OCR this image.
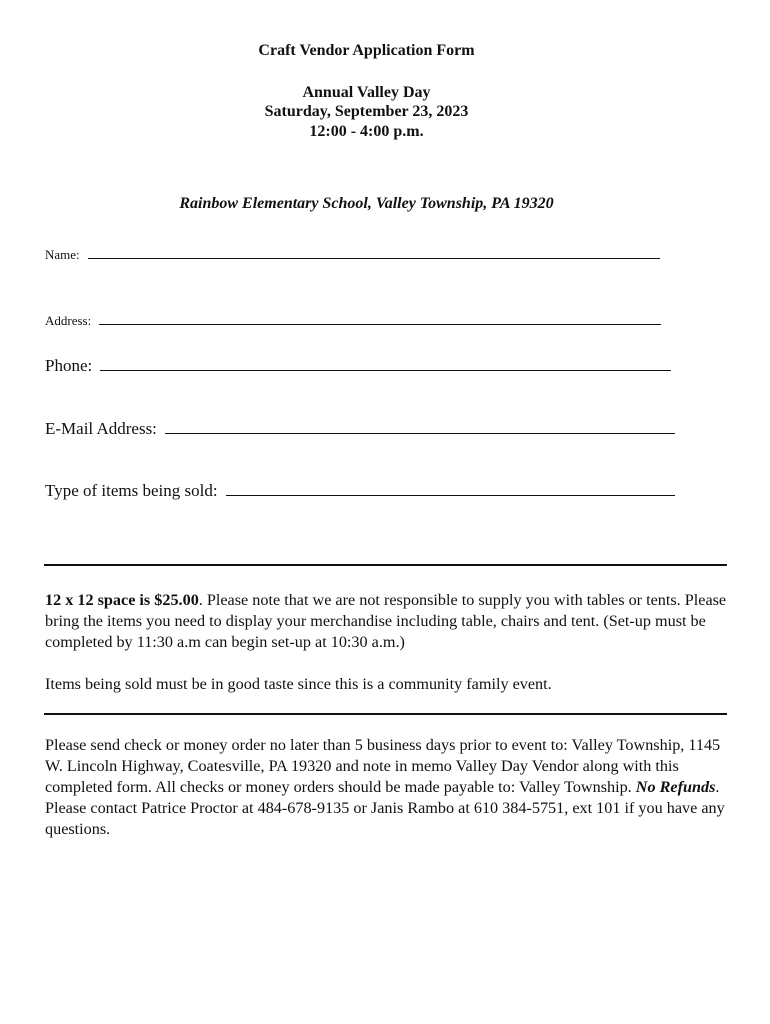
Craft Vendor Application Form
Annual Valley Day
Saturday, September 23, 2023
12:00 - 4:00 p.m.
Rainbow Elementary School, Valley Township, PA 19320
Name:
Address:
Phone:
E-Mail Address:
Type of items being sold:
12 x 12 space is $25.00. Please note that we are not responsible to supply you with tables or tents. Please bring the items you need to display your merchandise including table, chairs and tent. (Set-up must be completed by 11:30 a.m can begin set-up at 10:30 a.m.)
Items being sold must be in good taste since this is a community family event.
Please send check or money order no later than 5 business days prior to event to: Valley Township, 1145 W. Lincoln Highway, Coatesville, PA 19320 and note in memo Valley Day Vendor along with this completed form. All checks or money orders should be made payable to: Valley Township. No Refunds. Please contact Patrice Proctor at 484-678-9135 or Janis Rambo at 610 384-5751, ext 101 if you have any questions.
